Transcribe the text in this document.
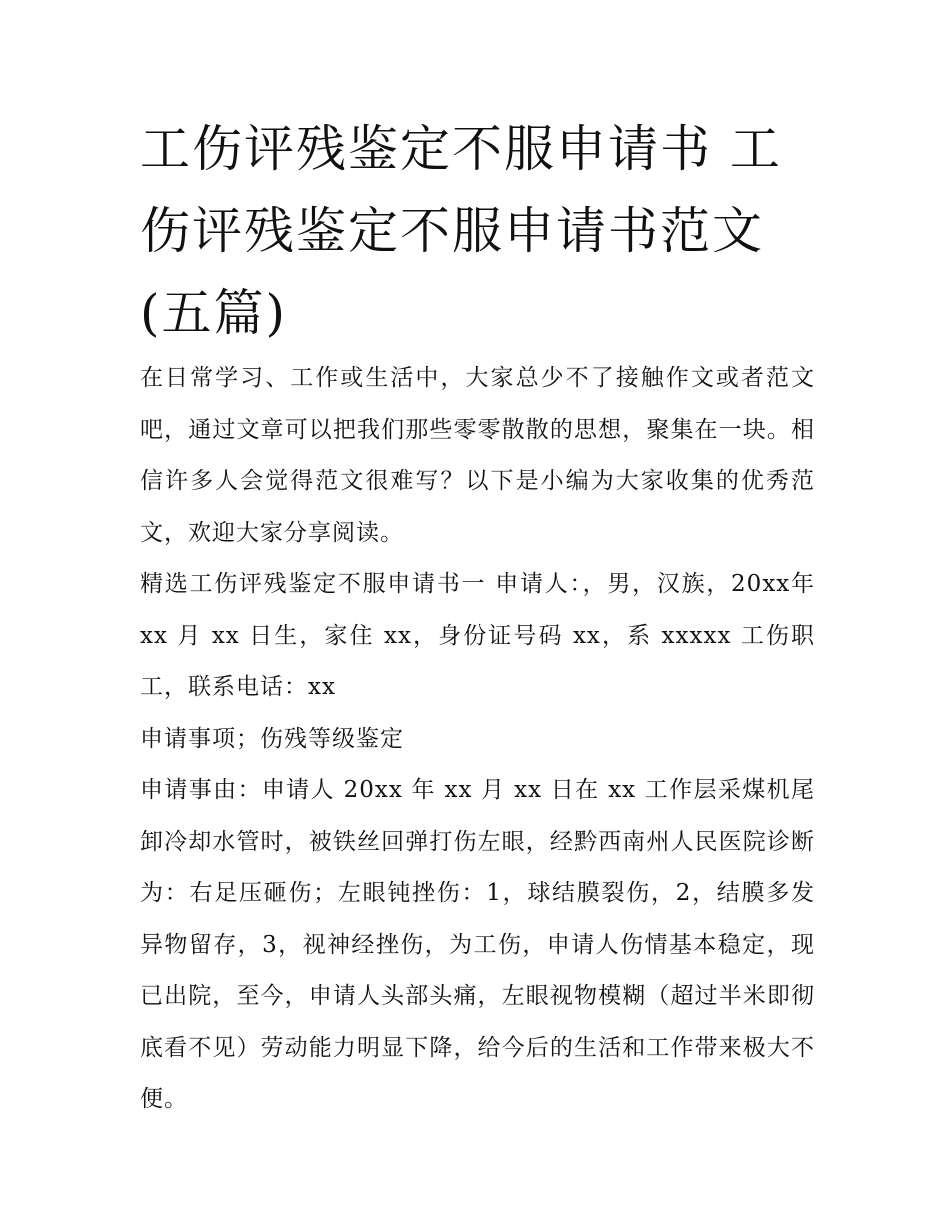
工伤评残鉴定不服申请书 工伤评残鉴定不服申请书范文(五篇)

在日常学习、工作或生活中，大家总少不了接触作文或者范文吧，通过文章可以把我们那些零零散散的思想，聚集在一块。相信许多人会觉得范文很难写？以下是小编为大家收集的优秀范文，欢迎大家分享阅读。

精选工伤评残鉴定不服申请书一 申请人：，男，汉族，20xx年 xx 月 xx 日生，家住 xx，身份证号码 xx，系 xxxxx 工伤职工，联系电话：xx

申请事项；伤残等级鉴定

申请事由：申请人 20xx 年 xx 月 xx 日在 xx 工作层采煤机尾卸冷却水管时，被铁丝回弹打伤左眼，经黔西南州人民医院诊断为：右足压砸伤；左眼钝挫伤：1，球结膜裂伤，2，结膜多发异物留存，3，视神经挫伤，为工伤，申请人伤情基本稳定，现已出院，至今，申请人头部头痛，左眼视物模糊（超过半米即彻底看不见）劳动能力明显下降，给今后的生活和工作带来极大不便。
